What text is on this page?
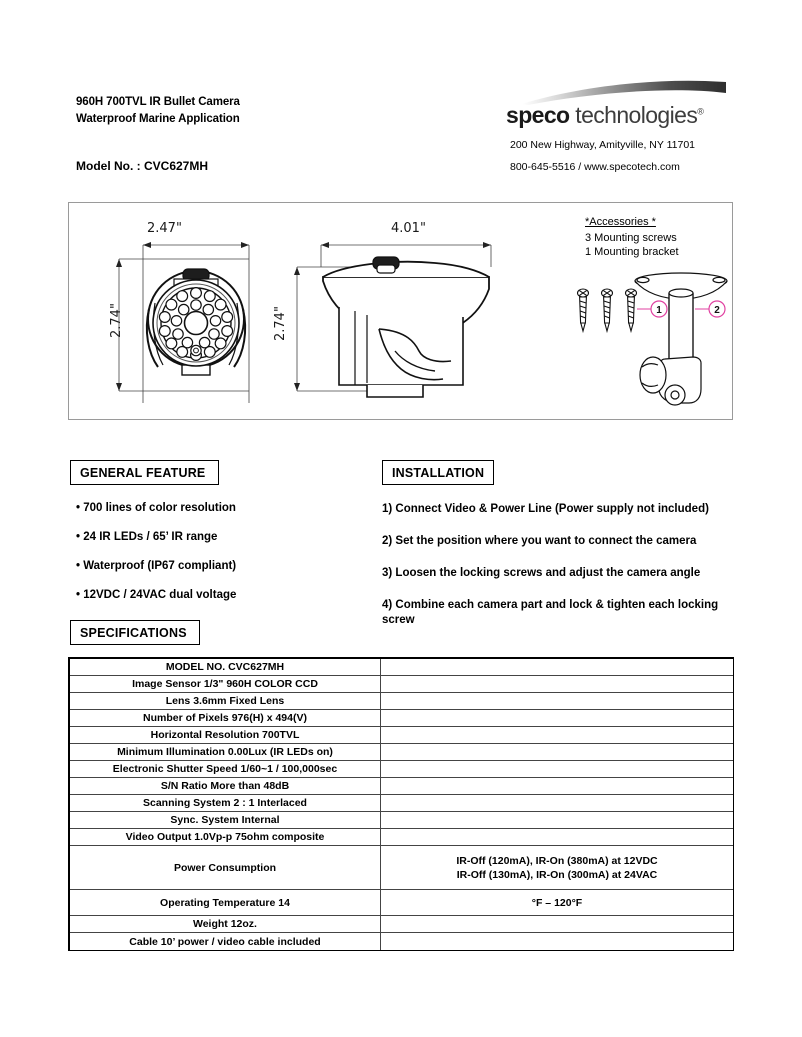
960H 700TVL IR Bullet Camera
Waterproof Marine Application
Model No. : CVC627MH
speco technologies®
200 New Highway, Amityville, NY 11701
800-645-5516 / www.specotech.com
2.47"
2.74"
4.01"
2.74"
*Accessories *
3 Mounting screws
1 Mounting bracket
1	2
GENERAL FEATURE	INSTALLATION
SPECIFICATIONS
• 700 lines of color resolution
• 24 IR LEDs / 65’ IR range
• Waterproof (IP67 compliant)
• 12VDC / 24VAC dual voltage
1) Connect Video & Power Line (Power supply not included)
2) Set the position where you want to connect the camera
3) Loosen the locking screws and adjust the camera angle
4) Combine each camera part and lock & tighten each locking screw
MODEL NO. CVC627MH
Image Sensor 1/3" 960H COLOR CCD
Lens 3.6mm Fixed Lens
Number of Pixels 976(H) x 494(V)
Horizontal Resolution 700TVL
Minimum Illumination 0.00Lux (IR LEDs on)
Electronic Shutter Speed 1/60~1 / 100,000sec
S/N Ratio More than 48dB
Scanning System 2 : 1 Interlaced
Sync. System Internal
Video Output 1.0Vp-p 75ohm composite
Power Consumption
IR-Off (120mA), IR-On (380mA) at 12VDC
IR-Off (130mA), IR-On (300mA) at 24VAC
Operating Temperature 14	°F – 120°F
Weight 12oz.
Cable 10’ power / video cable included
